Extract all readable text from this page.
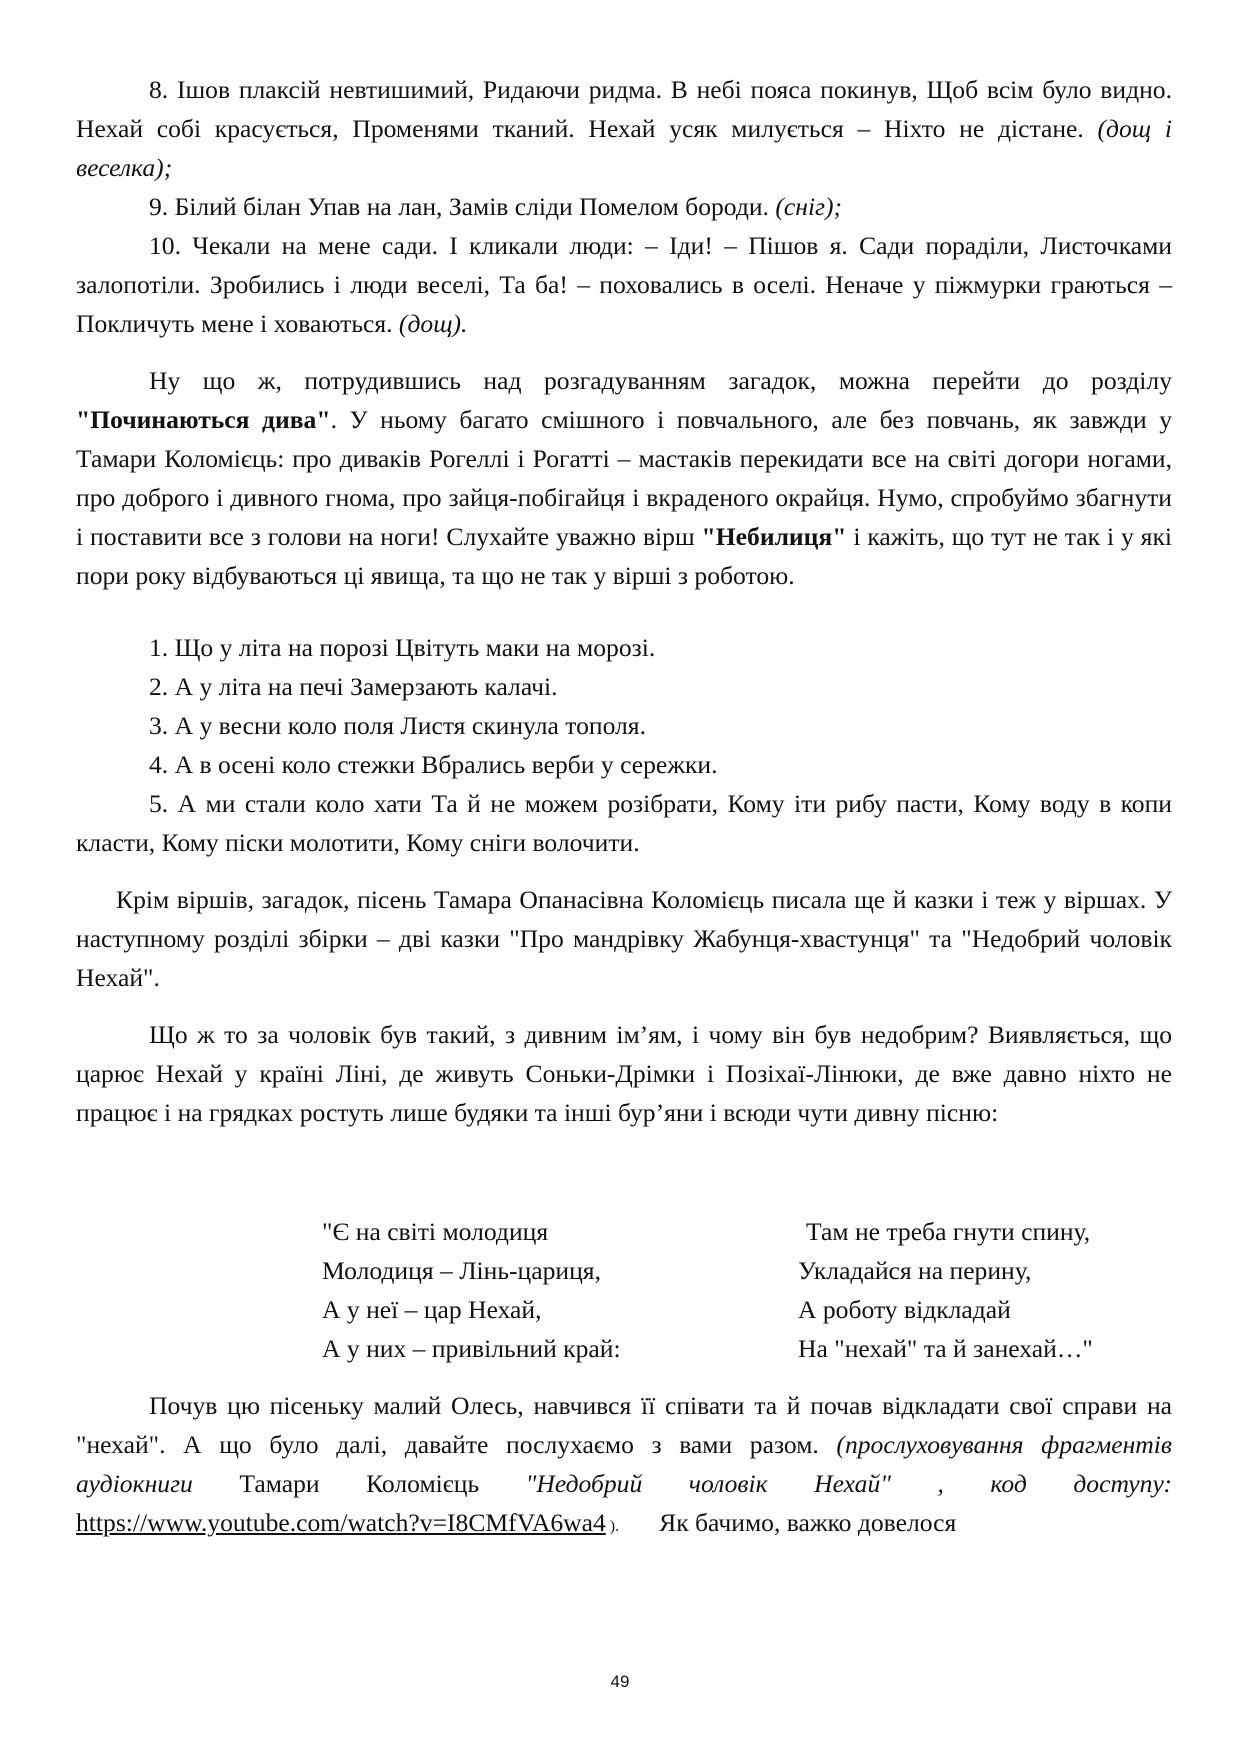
8. Ішов плаксій невтишимий, Ридаючи ридма. В небі пояса покинув, Щоб всім було видно. Нехай собі красується, Променями тканий. Нехай усяк милується – Ніхто не дістане. (дощ і веселка);

9. Білий білан Упав на лан, Замів сліди Помелом бороди. (сніг);

10. Чекали на мене сади. І кликали люди: – Іди! – Пішов я. Сади порaділи, Листочками залопотіли. Зробились і люди веселі, Та ба! – поховались в оселі. Неначе у піжмурки граються – Покличуть мене і ховаються. (дощ).

Ну що ж, потрудившись над розгадуванням загадок, можна перейти до розділу "Починаються дива". У ньому багато смішного і повчального, але без повчань, як завжди у Тамари Коломієць: про диваків Рогеллі і Рогатті – мастаків перекидати все на світі догори ногами, про доброго і дивного гнома, про зайця-побігайця і вкраденого окрайця. Нумо, спробуймо збагнути і поставити все з голови на ноги! Слухайте уважно вірш "Небилиця" і кажіть, що тут не так і у які пори року відбуваються ці явища, та що не так у вірші з роботою.

1. Що у літа на порозі Цвітуть маки на морозі.

2. А у літа на печі Замерзають калачі.

3. А у весни коло поля Листя скинула тополя.

4. А в осені коло стежки Вбрались верби у сережки.

5. А ми стали коло хати Та й не можем розібрати, Кому іти рибу пасти, Кому воду в копи класти, Кому піски молотити, Кому сніги волочити.

Крім віршів, загадок, пісень Тамара Опанасівна Коломієць писала ще й казки і теж у віршах. У наступному розділі збірки – дві казки "Про мандрівку Жабунця-хвастунця" та "Недобрий чоловік Нехай".

Що ж то за чоловік був такий, з дивним ім’ям, і чому він був недобрим? Виявляється, що царює Нехай у країні Ліні, де живуть Соньки-Дрімки і Позіхаї-Лінюки, де вже давно ніхто не працює і на грядках ростуть лише будяки та інші бур’яни і всюди чути дивну пісню:

"Є на світі молодиця
Молодиця – Лінь-цариця,
А у неї – цар Нехай,
А у них – привільний край:
Там не треба гнути спину,
Укладайся на перину,
А роботу відкладай
На "нехай" та й занехай…"

Почув цю пісеньку малий Олесь, навчився її співати та й почав відкладати свої справи на "нехай". А що було далі, давайте послухаємо з вами разом. (прослуховування фрагментів аудіокниги Тамари Коломієць "Недобрий чоловік Нехай" , код доступу: https://www.youtube.com/watch?v=I8CMfVA6wa4 ). Як бачимо, важко довелося

49
